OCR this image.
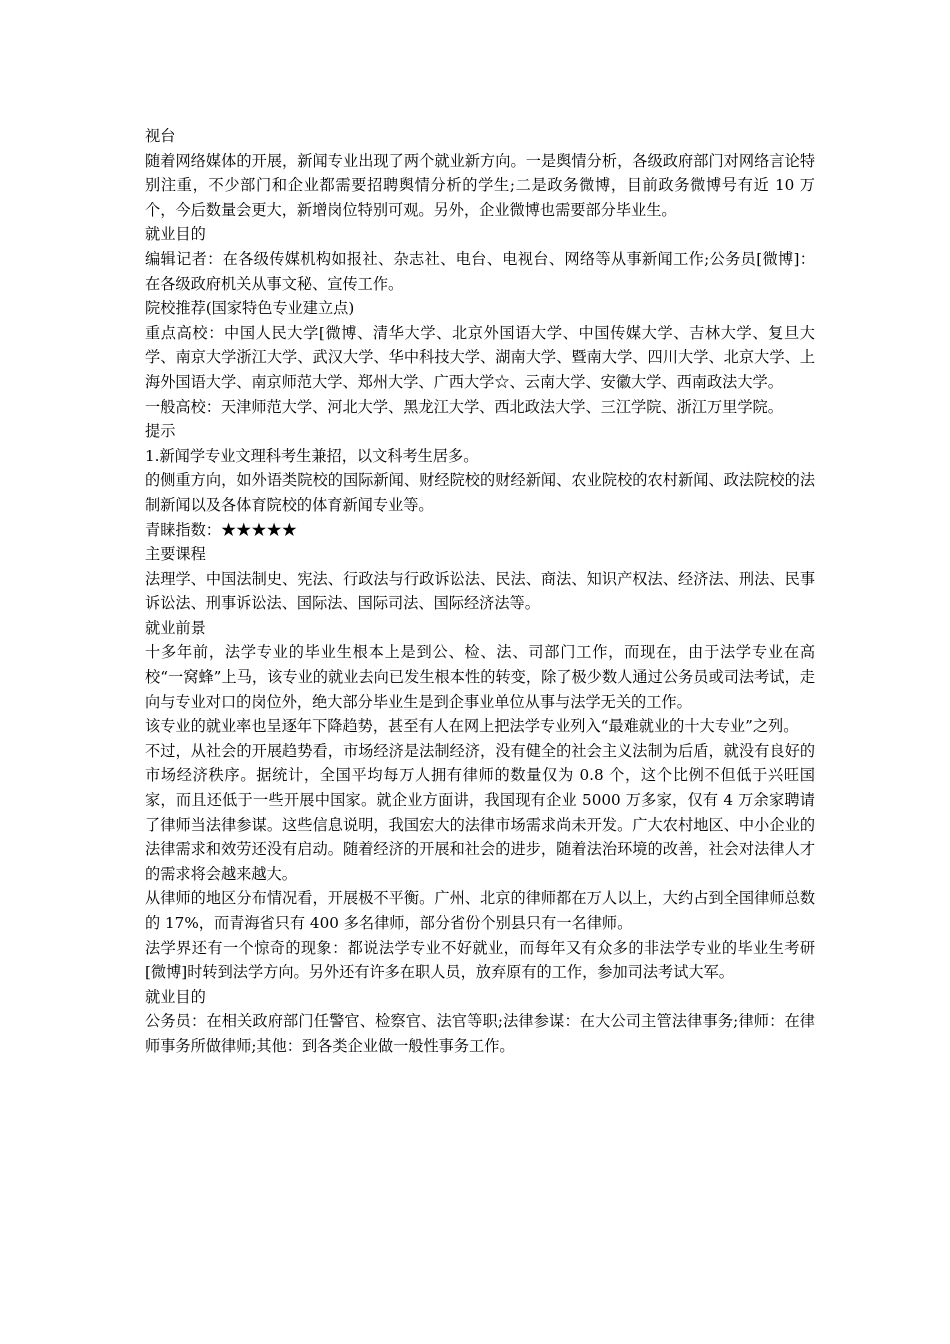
视台

随着网络媒体的开展，新闻专业出现了两个就业新方向。一是舆情分析，各级政府部门对网络言论特别注重，不少部门和企业都需要招聘舆情分析的学生;二是政务微博，目前政务微博号有近 10 万个，今后数量会更大，新增岗位特别可观。另外，企业微博也需要部分毕业生。

就业目的

编辑记者：在各级传媒机构如报社、杂志社、电台、电视台、网络等从事新闻工作;公务员[微博]：在各级政府机关从事文秘、宣传工作。

院校推荐(国家特色专业建立点)

重点高校：中国人民大学[微博、清华大学、北京外国语大学、中国传媒大学、吉林大学、复旦大学、南京大学浙江大学、武汉大学、华中科技大学、湖南大学、暨南大学、四川大学、北京大学、上海外国语大学、南京师范大学、郑州大学、广西大学☆、云南大学、安徽大学、西南政法大学。

一般高校：天津师范大学、河北大学、黑龙江大学、西北政法大学、三江学院、浙江万里学院。

提示

1.新闻学专业文理科考生兼招，以文科考生居多。

的侧重方向，如外语类院校的国际新闻、财经院校的财经新闻、农业院校的农村新闻、政法院校的法制新闻以及各体育院校的体育新闻专业等。

青睐指数：★★★★★

主要课程

法理学、中国法制史、宪法、行政法与行政诉讼法、民法、商法、知识产权法、经济法、刑法、民事诉讼法、刑事诉讼法、国际法、国际司法、国际经济法等。

就业前景

十多年前，法学专业的毕业生根本上是到公、检、法、司部门工作，而现在，由于法学专业在高校“一窝蜂”上马，该专业的就业去向已发生根本性的转变，除了极少数人通过公务员或司法考试，走向与专业对口的岗位外，绝大部分毕业生是到企事业单位从事与法学无关的工作。

该专业的就业率也呈逐年下降趋势，甚至有人在网上把法学专业列入“最难就业的十大专业”之列。

不过，从社会的开展趋势看，市场经济是法制经济，没有健全的社会主义法制为后盾，就没有良好的市场经济秩序。据统计，全国平均每万人拥有律师的数量仅为 0.8 个，这个比例不但低于兴旺国家，而且还低于一些开展中国家。就企业方面讲，我国现有企业 5000 万多家，仅有 4 万余家聘请了律师当法律参谋。这些信息说明，我国宏大的法律市场需求尚未开发。广大农村地区、中小企业的法律需求和效劳还没有启动。随着经济的开展和社会的进步，随着法治环境的改善，社会对法律人才的需求将会越来越大。

从律师的地区分布情况看，开展极不平衡。广州、北京的律师都在万人以上，大约占到全国律师总数的 17%，而青海省只有 400 多名律师，部分省份个别县只有一名律师。

法学界还有一个惊奇的现象：都说法学专业不好就业，而每年又有众多的非法学专业的毕业生考研[微博]时转到法学方向。另外还有许多在职人员，放弃原有的工作，参加司法考试大军。

就业目的

公务员：在相关政府部门任警官、检察官、法官等职;法律参谋：在大公司主管法律事务;律师：在律师事务所做律师;其他：到各类企业做一般性事务工作。
